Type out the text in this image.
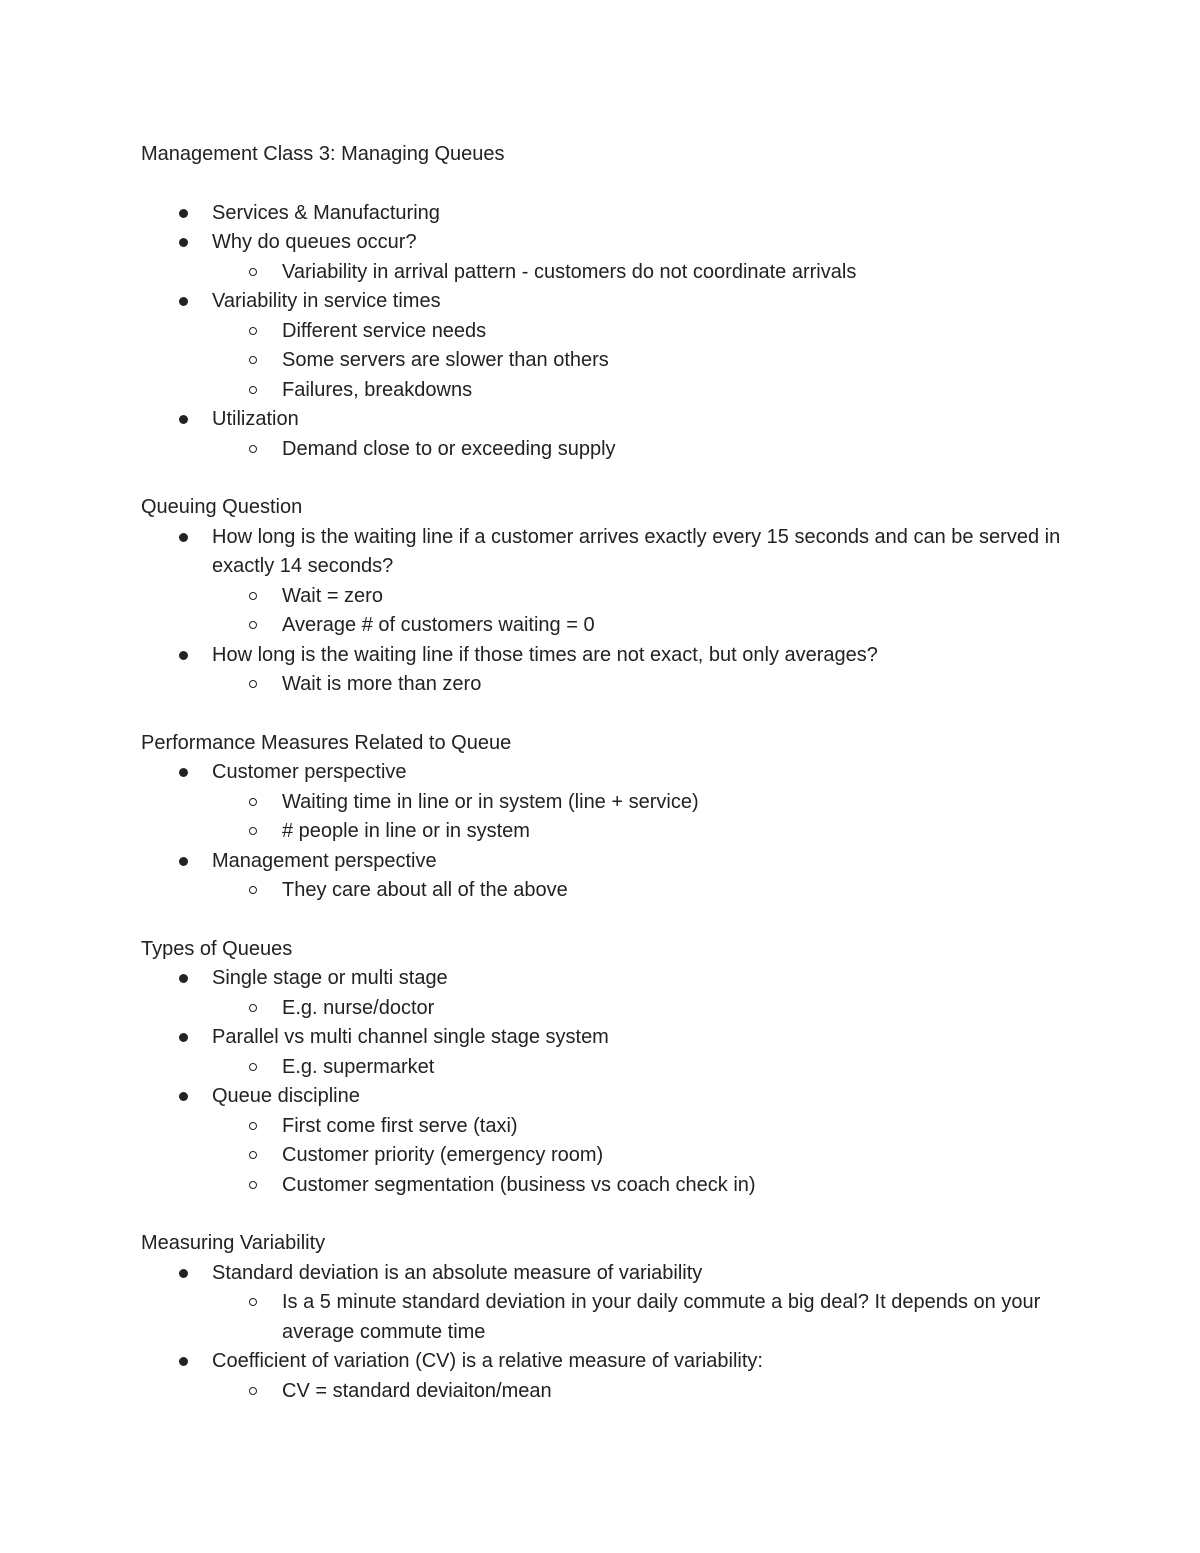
Management Class 3: Managing Queues

Services & Manufacturing
Why do queues occur?
Variability in arrival pattern - customers do not coordinate arrivals
Variability in service times
Different service needs
Some servers are slower than others
Failures, breakdowns
Utilization
Demand close to or exceeding supply

Queuing Question

How long is the waiting line if a customer arrives exactly every 15 seconds and can be served in exactly 14 seconds?
Wait = zero
Average # of customers waiting = 0
How long is the waiting line if those times are not exact, but only averages?
Wait is more than zero

Performance Measures Related to Queue

Customer perspective
Waiting time in line or in system (line + service)
# people in line or in system
Management perspective
They care about all of the above

Types of Queues

Single stage or multi stage
E.g. nurse/doctor
Parallel vs multi channel single stage system
E.g. supermarket
Queue discipline
First come first serve (taxi)
Customer priority (emergency room)
Customer segmentation (business vs coach check in)

Measuring Variability

Standard deviation is an absolute measure of variability
Is a 5 minute standard deviation in your daily commute a big deal? It depends on your average commute time
Coefficient of variation (CV) is a relative measure of variability:
CV = standard deviaiton/mean
